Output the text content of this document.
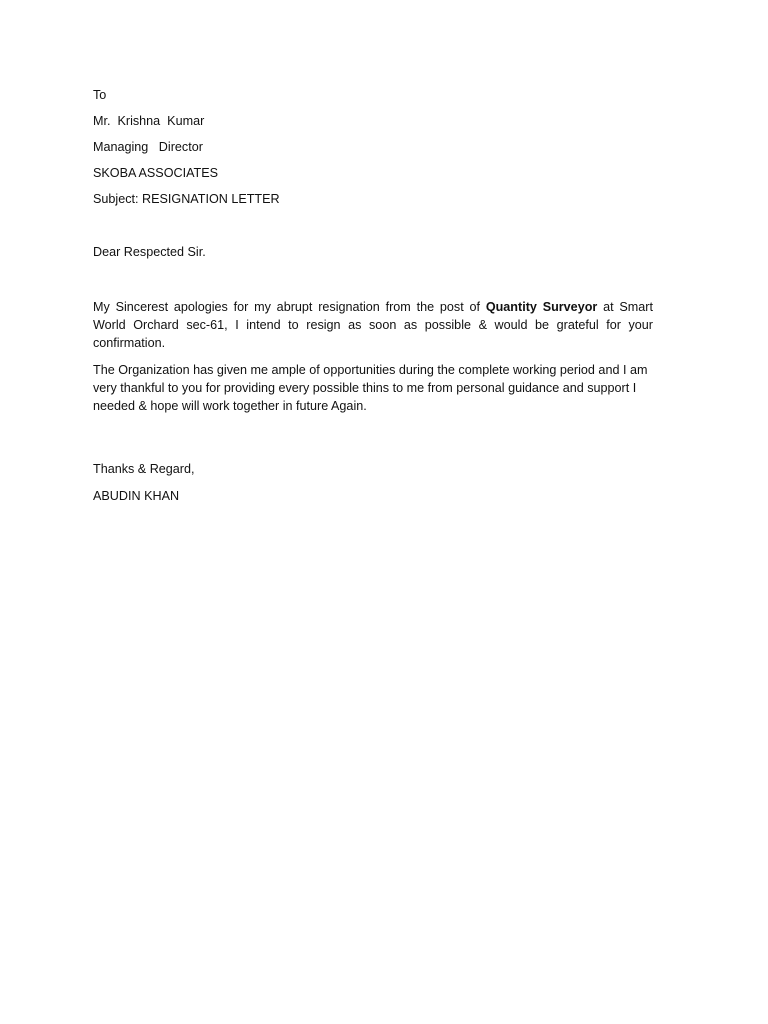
To
Mr.  Krishna  Kumar
Managing   Director
SKOBA ASSOCIATES
Subject: RESIGNATION LETTER
Dear Respected Sir.
My Sincerest apologies for my abrupt resignation from the post of Quantity Surveyor at Smart World Orchard sec-61, I intend to resign as soon as possible & would be grateful for your confirmation.
The Organization has given me ample of opportunities during the complete working period and I am
very thankful to you for providing every possible thins to me from personal guidance and support I
needed & hope will work together in future Again.
Thanks & Regard,
ABUDIN KHAN
